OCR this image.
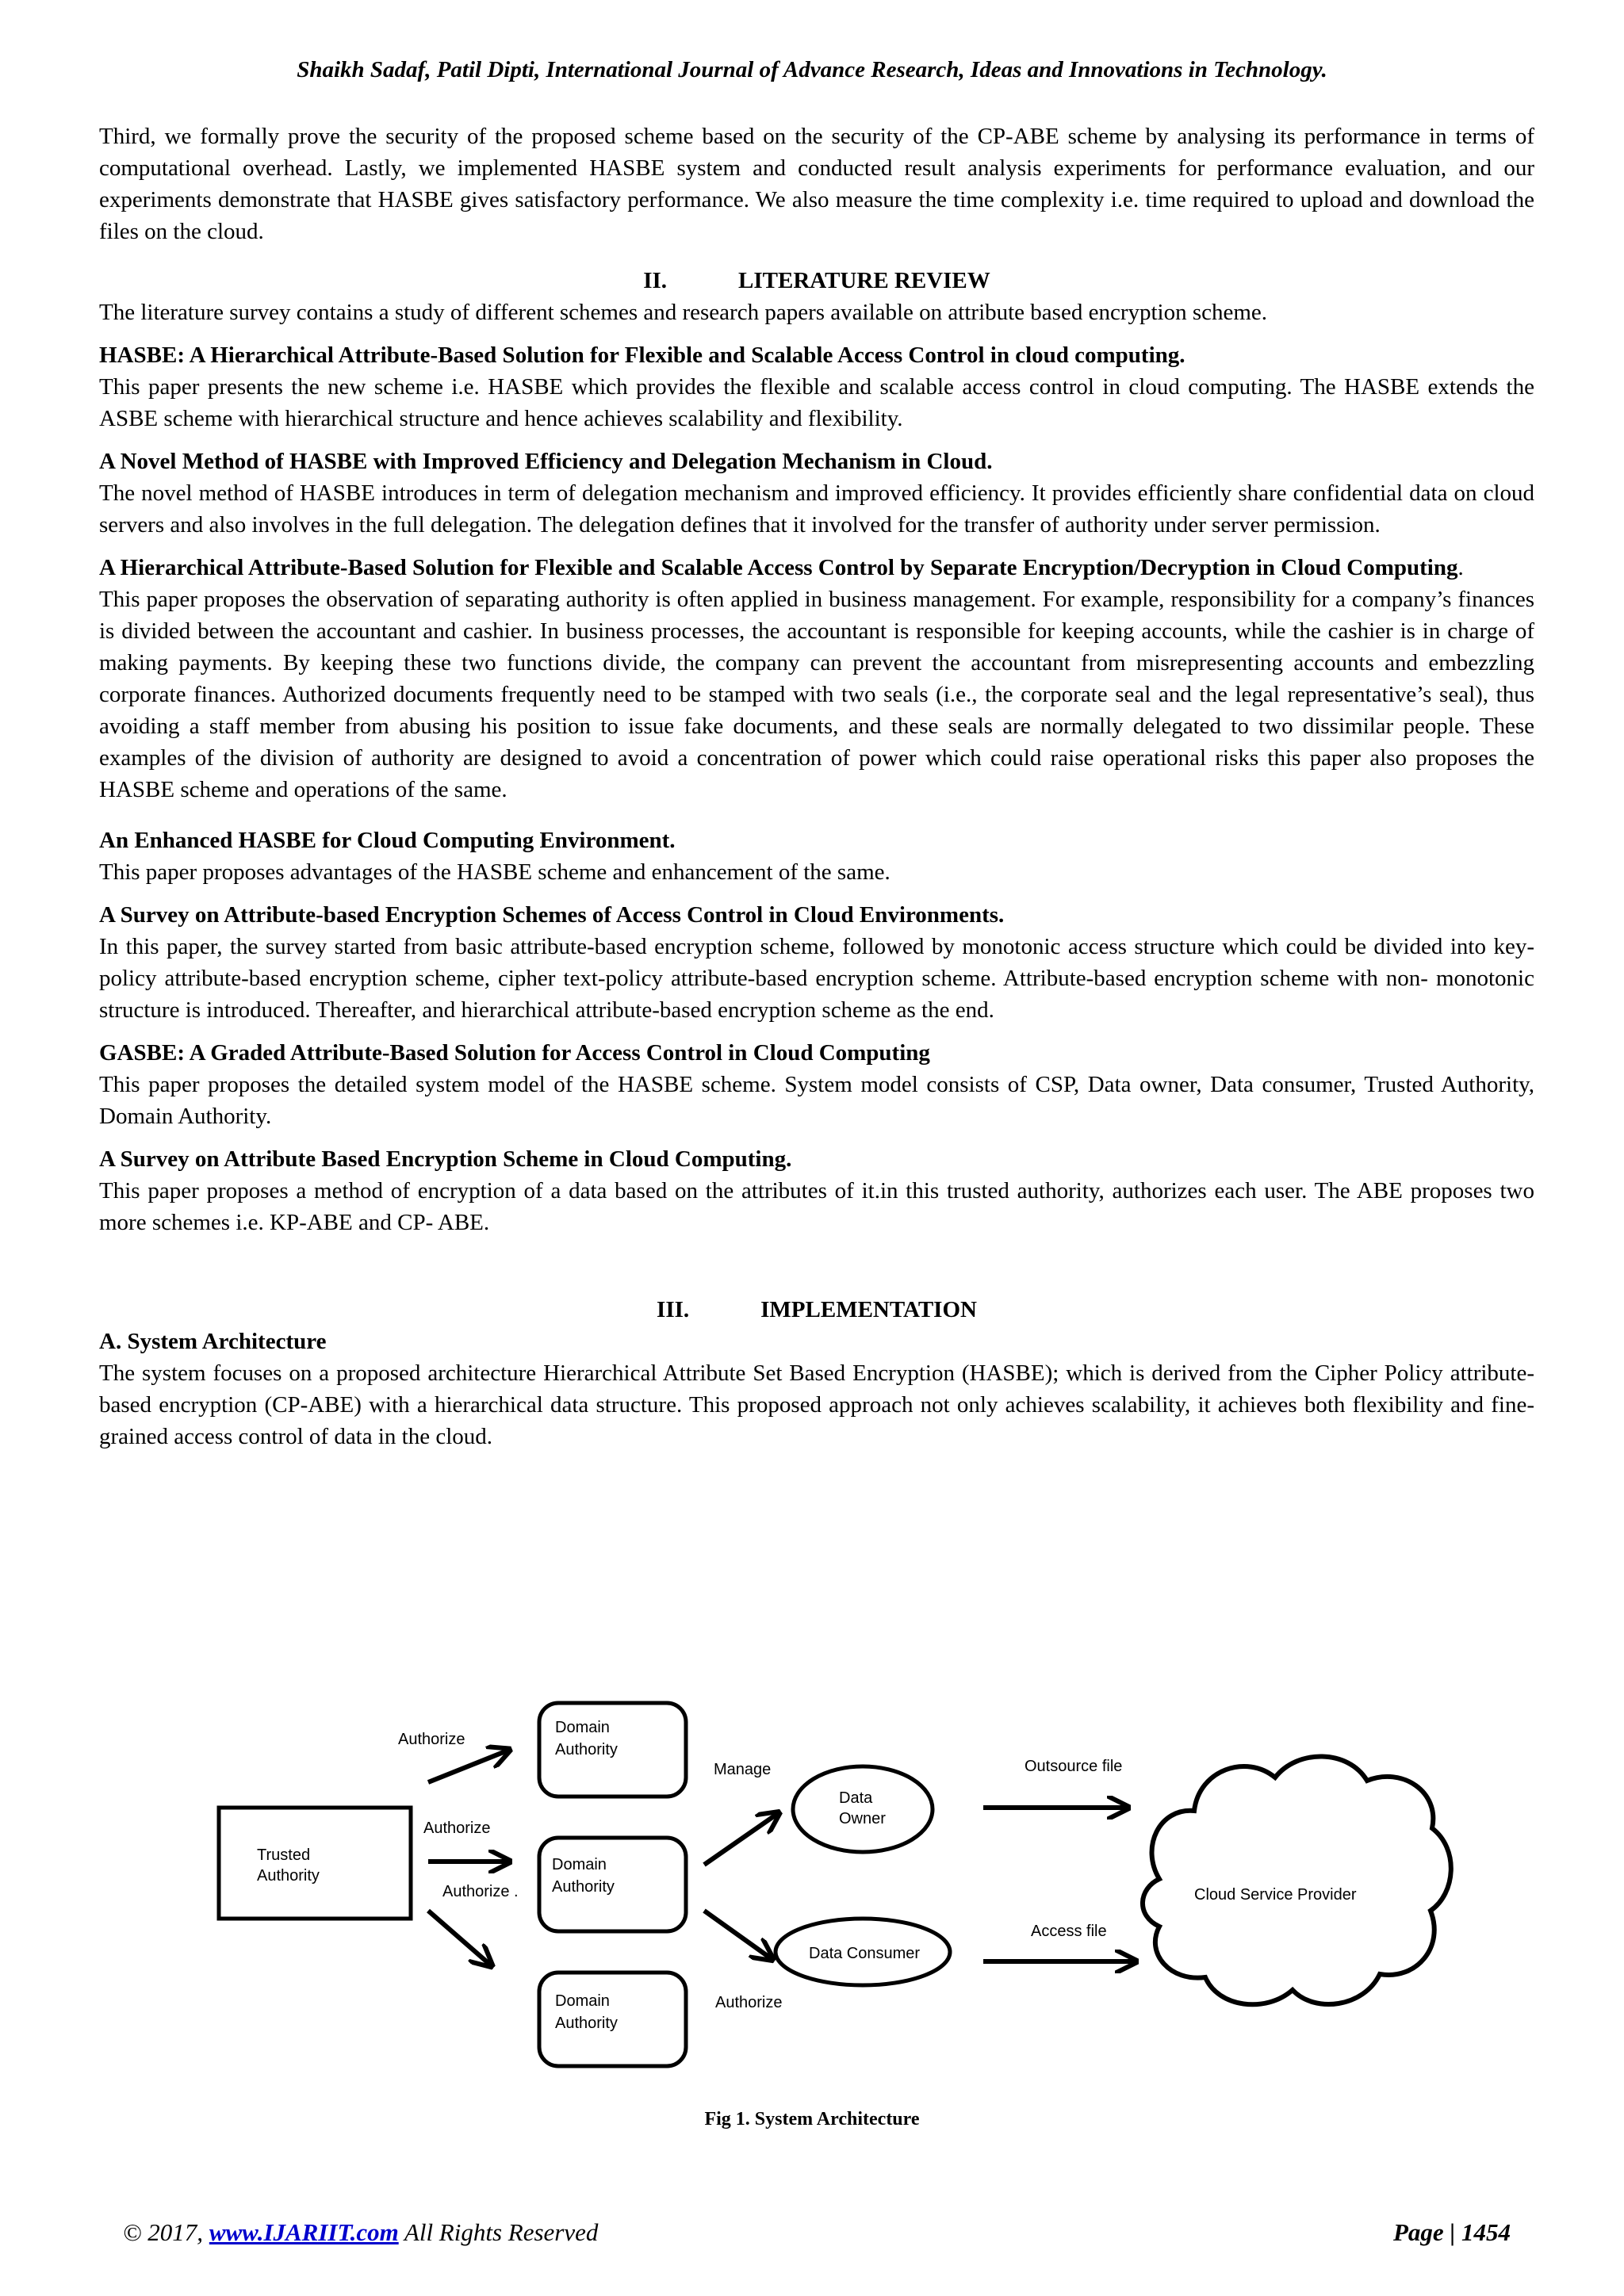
Shaikh Sadaf, Patil Dipti, International Journal of Advance Research, Ideas and Innovations in Technology.

Third, we formally prove the security of the proposed scheme based on the security of the CP-ABE scheme by analysing its performance in terms of computational overhead. Lastly, we implemented HASBE system and conducted result analysis experiments for performance evaluation, and our experiments demonstrate that HASBE gives satisfactory performance. We also measure the time complexity i.e. time required to upload and download the files on the cloud.

II.	LITERATURE REVIEW

The literature survey contains a study of different schemes and research papers available on attribute based encryption scheme.

HASBE: A Hierarchical Attribute-Based Solution for Flexible and Scalable Access Control in cloud computing.

This paper presents the new scheme i.e. HASBE which provides the flexible and scalable access control in cloud computing. The HASBE extends the ASBE scheme with hierarchical structure and hence achieves scalability and flexibility.

A Novel Method of HASBE with Improved Efficiency and Delegation Mechanism in Cloud.

The novel method of HASBE introduces in term of delegation mechanism and improved efficiency. It provides efficiently share confidential data on cloud servers and also involves in the full delegation. The delegation defines that it involved for the transfer of authority under server permission.

A Hierarchical Attribute-Based Solution for Flexible and Scalable Access Control by Separate Encryption/Decryption in Cloud Computing.

This paper proposes the observation of separating authority is often applied in business management. For example, responsibility for a company’s finances is divided between the accountant and cashier. In business processes, the accountant is responsible for keeping accounts, while the cashier is in charge of making payments. By keeping these two functions divide, the company can prevent the accountant from misrepresenting accounts and embezzling corporate finances. Authorized documents frequently need to be stamped with two seals (i.e., the corporate seal and the legal representative’s seal), thus avoiding a staff member from abusing his position to issue fake documents, and these seals are normally delegated to two dissimilar people. These examples of the division of authority are designed to avoid a concentration of power which could raise operational risks this paper also proposes the HASBE scheme and operations of the same.

An Enhanced HASBE for Cloud Computing Environment.

This paper proposes advantages of the HASBE scheme and enhancement of the same.

A Survey on Attribute-based Encryption Schemes of Access Control in Cloud Environments.

In this paper, the survey started from basic attribute-based encryption scheme, followed by monotonic access structure which could be divided into key-policy attribute-based encryption scheme, cipher text-policy attribute-based encryption scheme. Attribute-based encryption scheme with non- monotonic structure is introduced. Thereafter, and hierarchical attribute-based encryption scheme as the end.

GASBE: A Graded Attribute-Based Solution for Access Control in Cloud Computing

This paper proposes the detailed system model of the HASBE scheme. System model consists of CSP, Data owner, Data consumer, Trusted Authority, Domain Authority.

A Survey on Attribute Based Encryption Scheme in Cloud Computing.

This paper proposes a method of encryption of a data based on the attributes of it.in this trusted authority, authorizes each user. The ABE proposes two more schemes i.e. KP-ABE and CP- ABE.

III.	IMPLEMENTATION

A. System Architecture

The system focuses on a proposed architecture Hierarchical Attribute Set Based Encryption (HASBE); which is derived from the Cipher Policy attribute-based encryption (CP-ABE) with a hierarchical data structure. This proposed approach not only achieves scalability, it achieves both flexibility and fine-grained access control of data in the cloud.

Trusted
Authority
Domain
Authority
Domain
Authority
Domain
Authority
Authorize
Authorize
Authorize .
Manage
Authorize
Data
Owner
Data Consumer
Outsource file
Access file
Cloud Service Provider
Fig 1. System Architecture
© 2017, www.IJARIIT.com All Rights Reserved	Page | 1454
